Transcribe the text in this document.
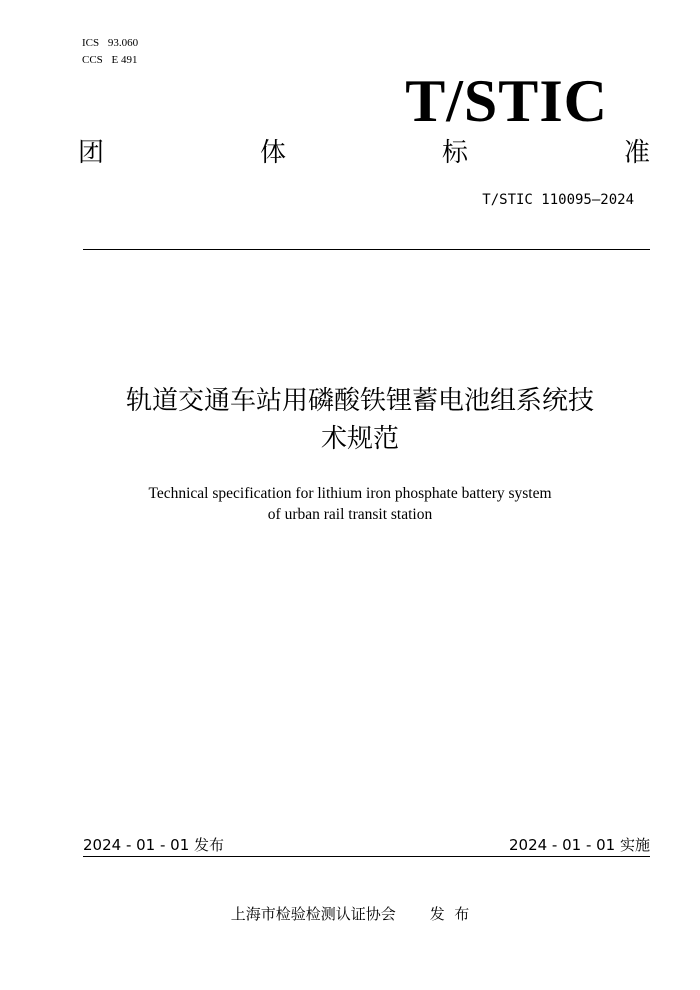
ICS 93.060
CCS E 491
T/STIC
团	体	标	准
T/STIC 110095—2024
轨道交通车站用磷酸铁锂蓄电池组系统技
术规范
Technical specification for lithium iron phosphate battery system
of urban rail transit station
2024 - 01 - 01 发布	2024 - 01 - 01 实施
上海市检验检测认证协会 发  布
